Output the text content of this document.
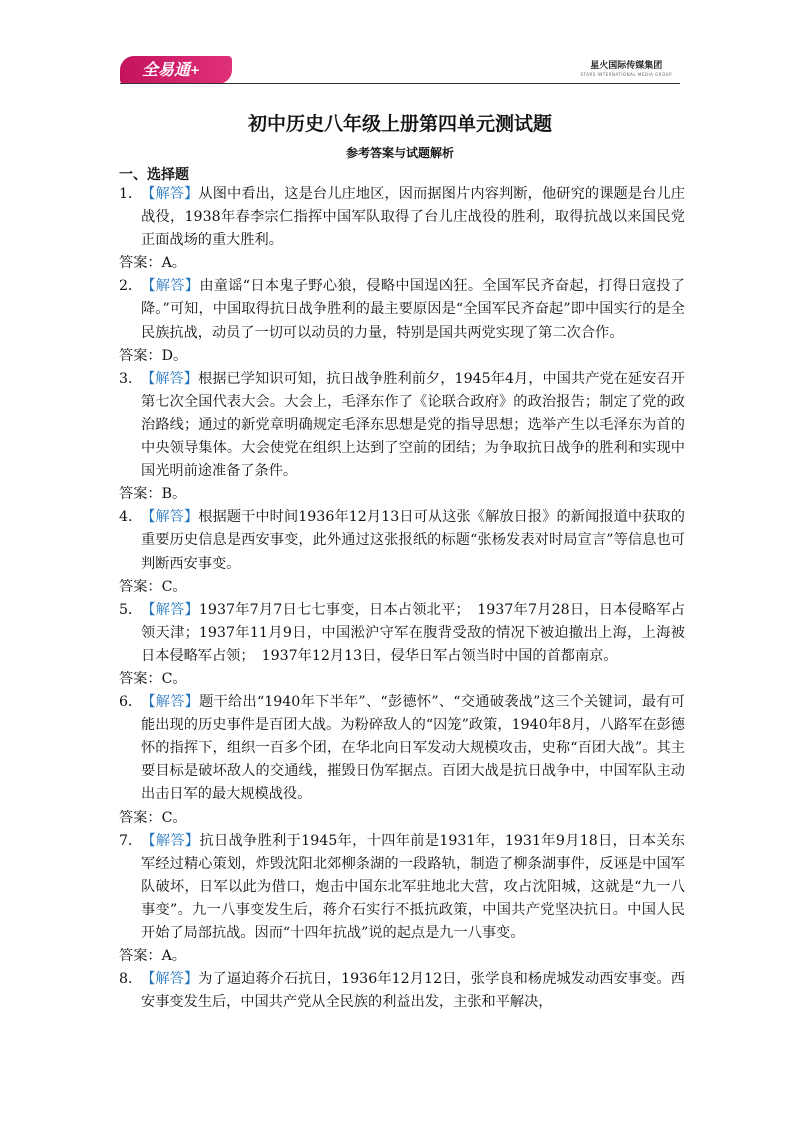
全易通+	星火国际传媒集团
STARS INTERNATIONAL MEDIA GROUP
初中历史八年级上册第四单元测试题
参考答案与试题解析
一、选择题

1．【解答】从图中看出，这是台儿庄地区，因而据图片内容判断，他研究的课题是台儿庄战役，1938年春李宗仁指挥中国军队取得了台儿庄战役的胜利，取得抗战以来国民党正面战场的重大胜利。

答案：A。

2．【解答】由童谣“日本鬼子野心狼，侵略中国逞凶狂。全国军民齐奋起，打得日寇投了降。”可知，中国取得抗日战争胜利的最主要原因是“全国军民齐奋起”即中国实行的是全民族抗战，动员了一切可以动员的力量，特别是国共两党实现了第二次合作。

答案：D。

3．【解答】根据已学知识可知，抗日战争胜利前夕，1945年4月，中国共产党在延安召开第七次全国代表大会。大会上，毛泽东作了《论联合政府》的政治报告；制定了党的政治路线；通过的新党章明确规定毛泽东思想是党的指导思想；选举产生以毛泽东为首的中央领导集体。大会使党在组织上达到了空前的团结；为争取抗日战争的胜利和实现中国光明前途准备了条件。

答案：B。

4．【解答】根据题干中时间1936年12月13日可从这张《解放日报》的新闻报道中获取的重要历史信息是西安事变，此外通过这张报纸的标题“张杨发表对时局宣言”等信息也可判断西安事变。

答案：C。

5．【解答】1937年7月7日七七事变，日本占领北平；　1937年7月28日，日本侵略军占领天津；1937年11月9日，中国淞沪守军在腹背受敌的情况下被迫撤出上海，上海被日本侵略军占领；　1937年12月13日，侵华日军占领当时中国的首都南京。

答案：C。

6．【解答】题干给出“1940年下半年”、“彭德怀”、“交通破袭战”这三个关键词，最有可能出现的历史事件是百团大战。为粉碎敌人的“囚笼”政策，1940年8月，八路军在彭德怀的指挥下，组织一百多个团，在华北向日军发动大规模攻击，史称“百团大战”。其主要目标是破坏敌人的交通线，摧毁日伪军据点。百团大战是抗日战争中，中国军队主动出击日军的最大规模战役。

答案：C。

7．【解答】抗日战争胜利于1945年，十四年前是1931年，1931年9月18日，日本关东军经过精心策划，炸毁沈阳北郊柳条湖的一段路轨，制造了柳条湖事件，反诬是中国军队破坏，日军以此为借口，炮击中国东北军驻地北大营，攻占沈阳城，这就是“九一八事变”。九一八事变发生后，蒋介石实行不抵抗政策，中国共产党坚决抗日。中国人民开始了局部抗战。因而“十四年抗战”说的起点是九一八事变。

答案：A。

8．【解答】为了逼迫蒋介石抗日，1936年12月12日，张学良和杨虎城发动西安事变。西安事变发生后，中国共产党从全民族的利益出发，主张和平解决，
